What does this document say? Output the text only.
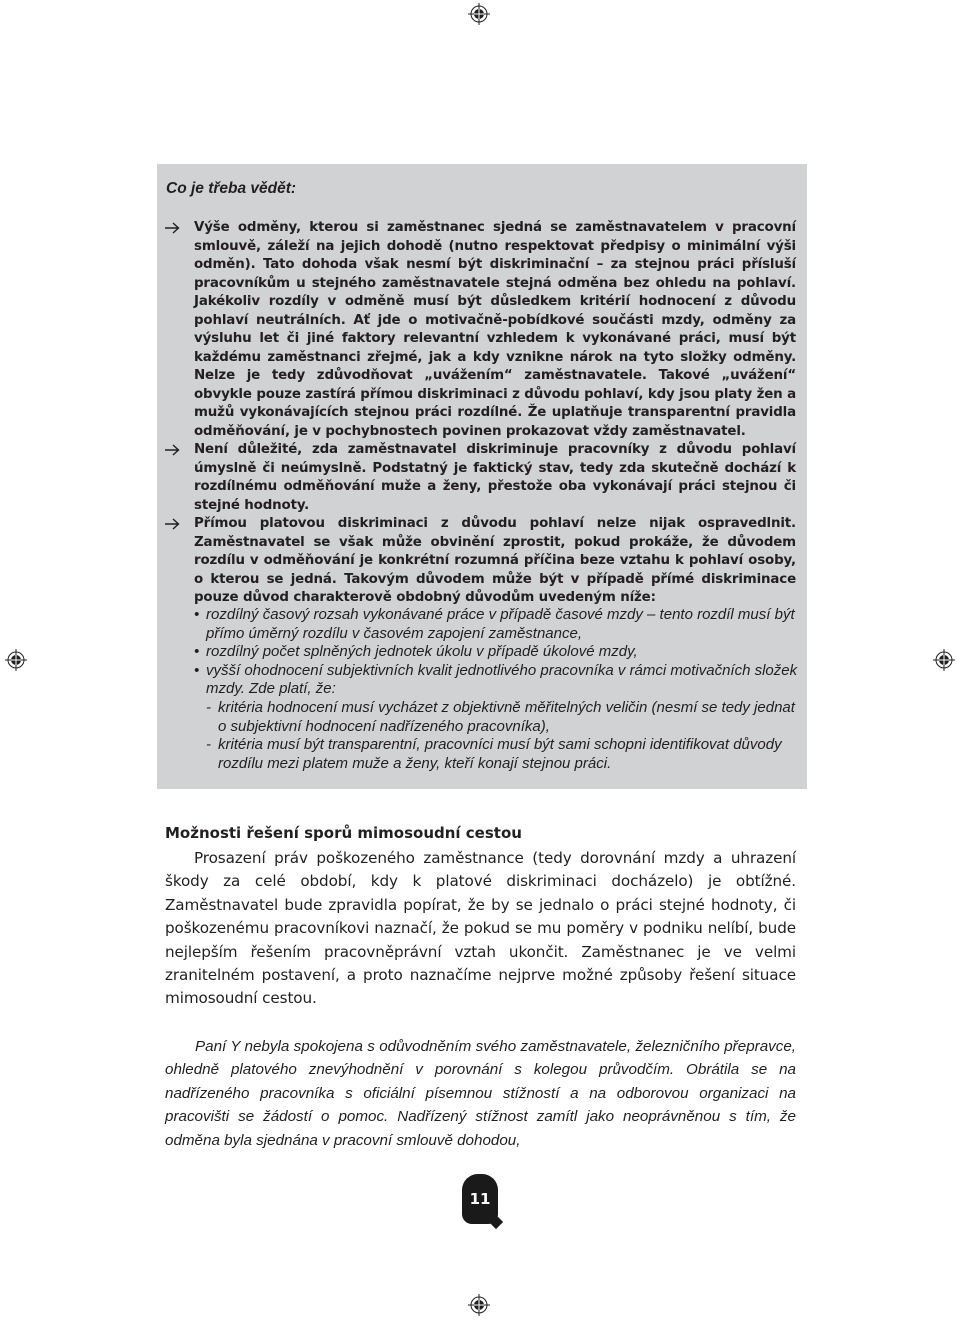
Co je třeba vědět:

Výše odměny, kterou si zaměstnanec sjedná se zaměstnavatelem v pracovní smlouvě, záleží na jejich dohodě (nutno respektovat předpisy o minimální výši odměn). Tato dohoda však nesmí být diskriminační – za stejnou práci přísluší pracovníkům u stejného zaměstnavatele stejná odměna bez ohledu na pohlaví. Jakékoliv rozdíly v odměně musí být důsledkem kritérií hodnocení z důvodu pohlaví neutrálních. Ať jde o motivačně-pobídkové součásti mzdy, odměny za výsluhu let či jiné faktory relevantní vzhledem k vykonávané práci, musí být každému zaměstnanci zřejmé, jak a kdy vznikne nárok na tyto složky odměny. Nelze je tedy zdůvodňovat „uvážením“ zaměstnavatele. Takové „uvážení“ obvykle pouze zastírá přímou diskriminaci z důvodu pohlaví, kdy jsou platy žen a mužů vykonávajících stejnou práci rozdílné. Že uplatňuje transparentní pravidla odměňování, je v pochybnostech povinen prokazovat vždy zaměstnavatel.

Není důležité, zda zaměstnavatel diskriminuje pracovníky z důvodu pohlaví úmyslně či neúmyslně. Podstatný je faktický stav, tedy zda skutečně dochází k rozdílnému odměňování muže a ženy, přestože oba vykonávají práci stejnou či stejné hodnoty.

Přímou platovou diskriminaci z důvodu pohlaví nelze nijak ospravedlnit. Zaměstnavatel se však může obvinění zprostit, pokud prokáže, že důvodem rozdílu v odměňování je konkrétní rozumná příčina beze vztahu k pohlaví osoby, o kterou se jedná. Takovým důvodem může být v případě přímé diskriminace pouze důvod charakterově obdobný důvodům uvedeným níže:

• rozdílný časový rozsah vykonávané práce v případě časové mzdy – tento rozdíl musí být přímo úměrný rozdílu v časovém zapojení zaměstnance,
• rozdílný počet splněných jednotek úkolu v případě úkolové mzdy,
• vyšší ohodnocení subjektivních kvalit jednotlivého pracovníka v rámci motivačních složek mzdy. Zde platí, že:
- kritéria hodnocení musí vycházet z objektivně měřitelných veličin (nesmí se tedy jednat o subjektivní hodnocení nadřízeného pracovníka),
- kritéria musí být transparentní, pracovníci musí být sami schopni identifikovat důvody rozdílu mezi platem muže a ženy, kteří konají stejnou práci.
Možnosti řešení sporů mimosoudní cestou

Prosazení práv poškozeného zaměstnance (tedy dorovnání mzdy a uhrazení škody za celé období, kdy k platové diskriminaci docházelo) je obtížné. Zaměstnavatel bude zpravidla popírat, že by se jednalo o práci stejné hodnoty, či poškozenému pracovníkovi naznačí, že pokud se mu poměry v podniku nelíbí, bude nejlepším řešením pracovněprávní vztah ukončit. Zaměstnanec je ve velmi zranitelném postavení, a proto naznačíme nejprve možné způsoby řešení situace mimosoudní cestou.

Paní Y nebyla spokojena s odůvodněním svého zaměstnavatele, železničního přepravce, ohledně platového znevýhodnění v porovnání s kolegou průvodčím. Obrátila se na nadřízeného pracovníka s oficiální písemnou stížností a na odborovou organizaci na pracovišti se žádostí o pomoc. Nadřízený stížnost zamítl jako neoprávněnou s tím, že odměna byla sjednána v pracovní smlouvě dohodou,

11
